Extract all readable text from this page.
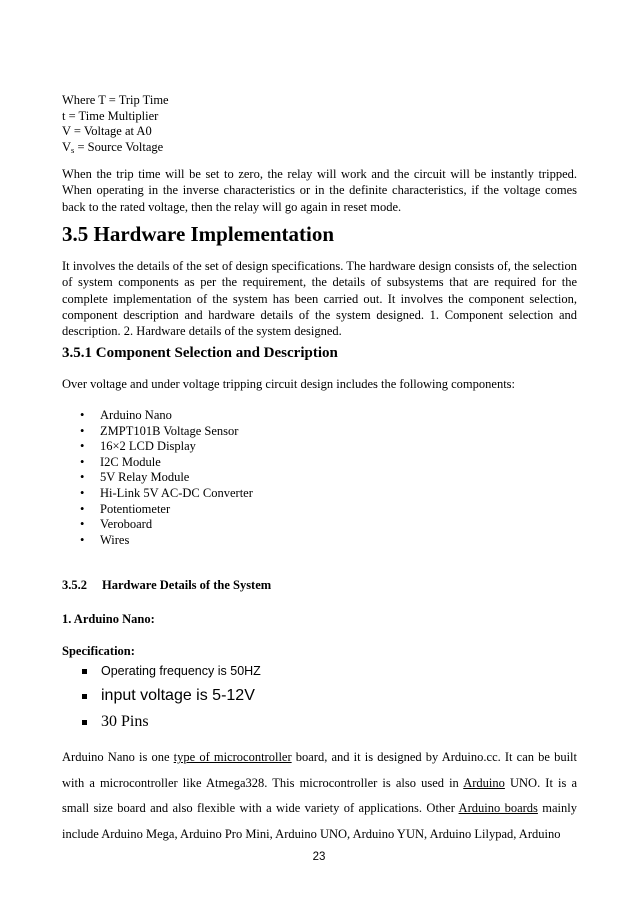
Where T = Trip Time
t = Time Multiplier
V = Voltage at A0
$V_s$ = Source Voltage

When the trip time will be set to zero, the relay will work and the circuit will be instantly tripped. When operating in the inverse characteristics or in the definite characteristics, if the voltage comes back to the rated voltage, then the relay will go again in reset mode.

3.5 Hardware Implementation

It involves the details of the set of design specifications. The hardware design consists of, the selection of system components as per the requirement, the details of subsystems that are required for the complete implementation of the system has been carried out. It involves the component selection, component description and hardware details of the system designed. 1. Component selection and description. 2. Hardware details of the system designed.

3.5.1 Component Selection and Description

Over voltage and under voltage tripping circuit design includes the following components:

• Arduino Nano
• ZMPT101B Voltage Sensor
• 16×2 LCD Display
• I2C Module
• 5V Relay Module
• Hi-Link 5V AC-DC Converter
• Potentiometer
• Veroboard
• Wires
3.5.2 Hardware Details of the System
1. Arduino Nano:
Specification:
Operating frequency is 50HZ
input voltage is 5-12V
30 Pins

Arduino Nano is one type of microcontroller board, and it is designed by Arduino.cc. It can be built with a microcontroller like Atmega328. This microcontroller is also used in Arduino UNO. It is a small size board and also flexible with a wide variety of applications. Other Arduino boards mainly include Arduino Mega, Arduino Pro Mini, Arduino UNO, Arduino YUN, Arduino Lilypad, Arduino

23
